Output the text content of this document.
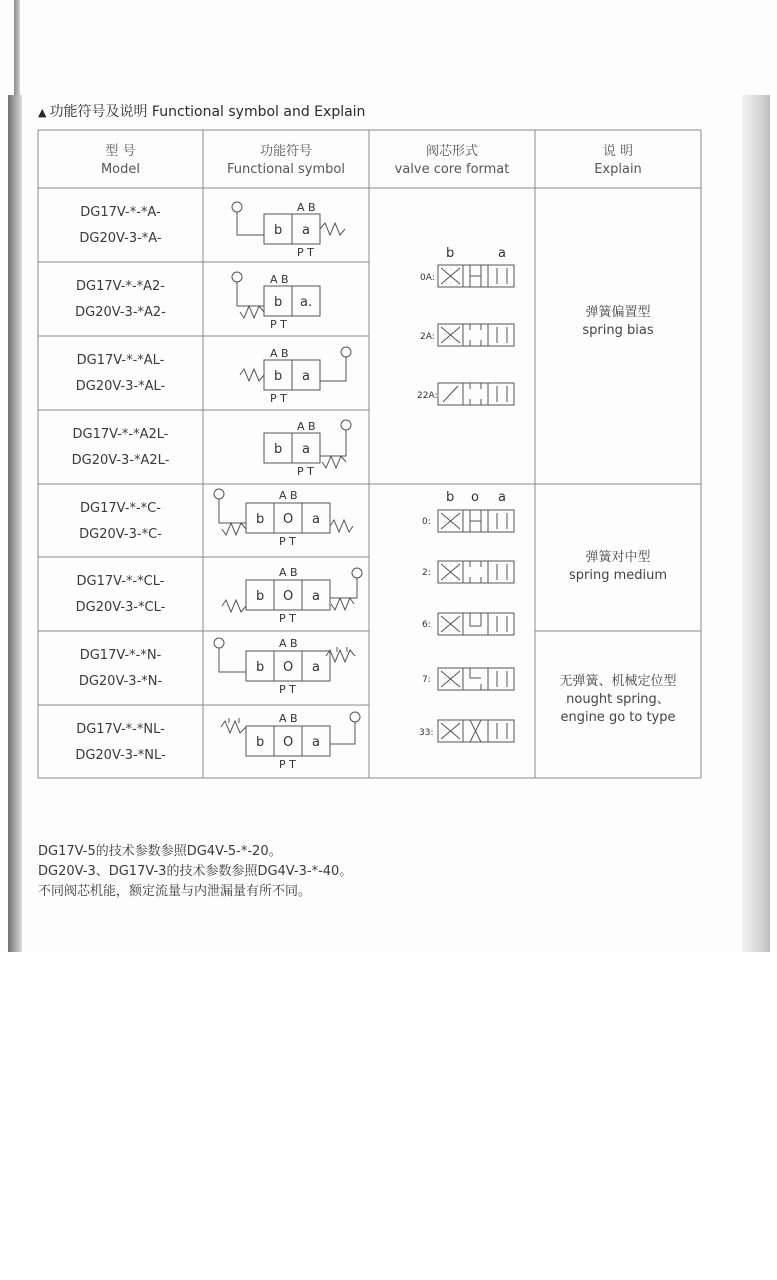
▲ 功能符号及说明 Functional symbol and Explain
型 号
Model
功能符号
Functional symbol
阀芯形式
valve core format
说 明
Explain
DG17V-*-*A-
DG20V-3-*A-
DG17V-*-*A2-
DG20V-3-*A2-
DG17V-*-*AL-
DG20V-3-*AL-
DG17V-*-*A2L-
DG20V-3-*A2L-
DG17V-*-*C-
DG20V-3-*C-
DG17V-*-*CL-
DG20V-3-*CL-
DG17V-*-*N-
DG20V-3-*N-
DG17V-*-*NL-
DG20V-3-*NL-
A B
P T
b a
A B
P T
b a.
A B
P T
b a
A B
P T
b a
A B
P T
b O a
A B
P T
b O a
A B
P T
b O a
A B
P T
b O a
b	a
b o a
0A:
2A:
22A:
0:
2:
6:
7:
33:
弹簧偏置型
spring bias
弹簧对中型
spring medium
无弹簧、机械定位型
nought spring、
engine go to type
DG17V-5的技术参数参照DG4V-5-*-20。
DG20V-3、DG17V-3的技术参数参照DG4V-3-*-40。
不同阀芯机能，额定流量与内泄漏量有所不同。
